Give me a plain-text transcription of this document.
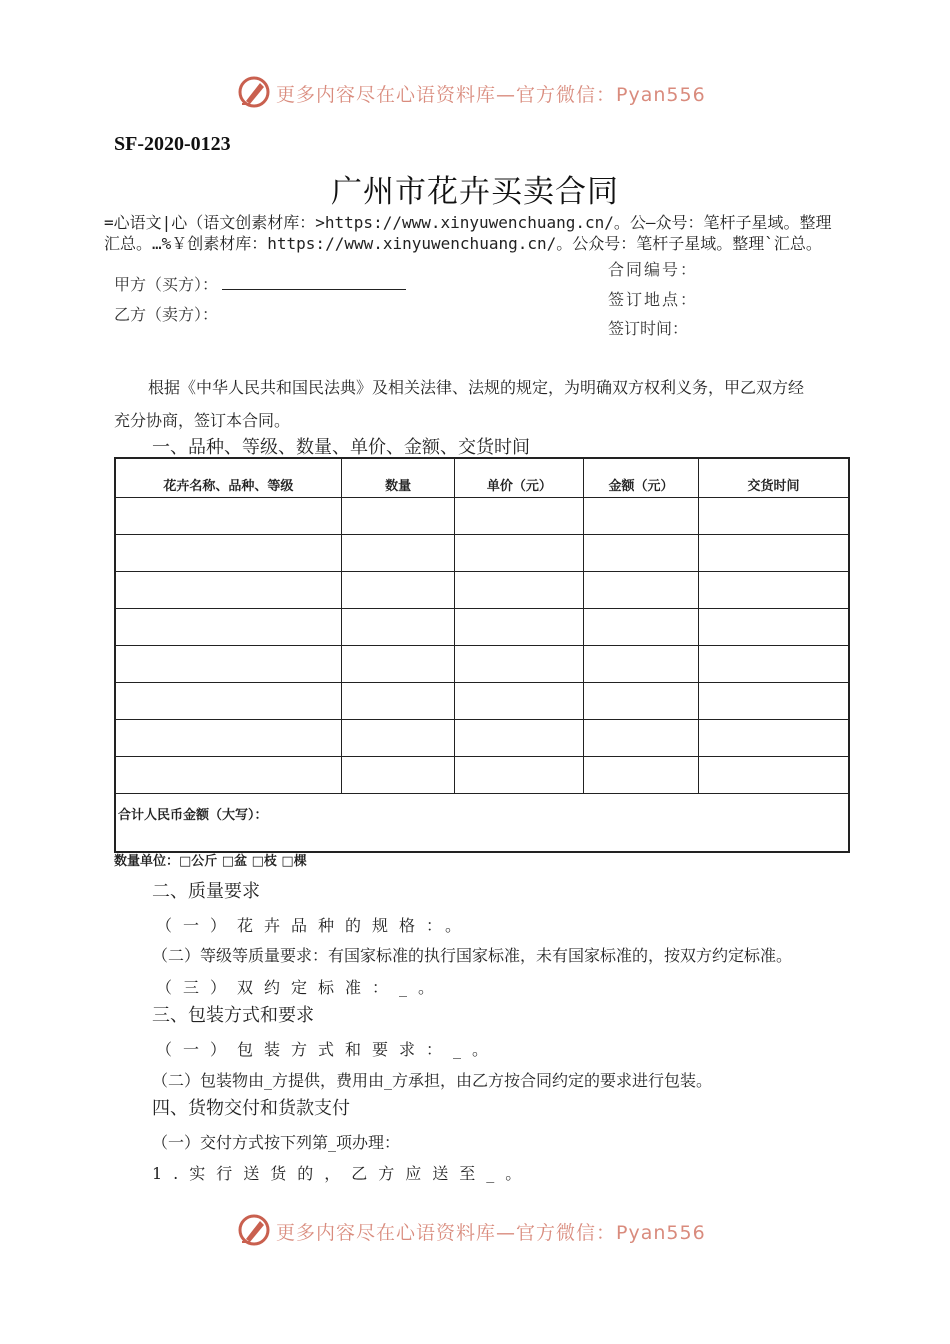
更多内容尽在心语资料库—官方微信：Pyan556
SF-2020-0123
广州市花卉买卖合同
=心语文|心（语文创素材库：>https://www.xinyuwenchuang.cn/。公—众号：笔杆子星域。整理
汇总。…%￥创素材库：https://www.xinyuwenchuang.cn/。公众号：笔杆子星域。整理`汇总。
甲方（买方）：
乙方（卖方）：
合同编号：
签订地点：
签订时间：
根据《中华人民共和国民法典》及相关法律、法规的规定，为明确双方权利义务，甲乙双方经
充分协商，签订本合同。
一、品种、等级、数量、单价、金额、交货时间
花卉名称、品种、等级	数量	单价（元）	金额（元）	交货时间

合计人民币金额（大写）：				
数量单位：□公斤 □盆 □枝 □棵
二、质量要求
（一）花卉品种的规格：。
（二）等级等质量要求：有国家标准的执行国家标准，未有国家标准的，按双方约定标准。
（三）双约定标准：_。
三、包装方式和要求
（一）包装方式和要求：_。
（二）包装物由_方提供，费用由_方承担，由乙方按合同约定的要求进行包装。
四、货物交付和货款支付
（一）交付方式按下列第_项办理：
1.实行送货的，乙方应送至_。
更多内容尽在心语资料库—官方微信：Pyan556
